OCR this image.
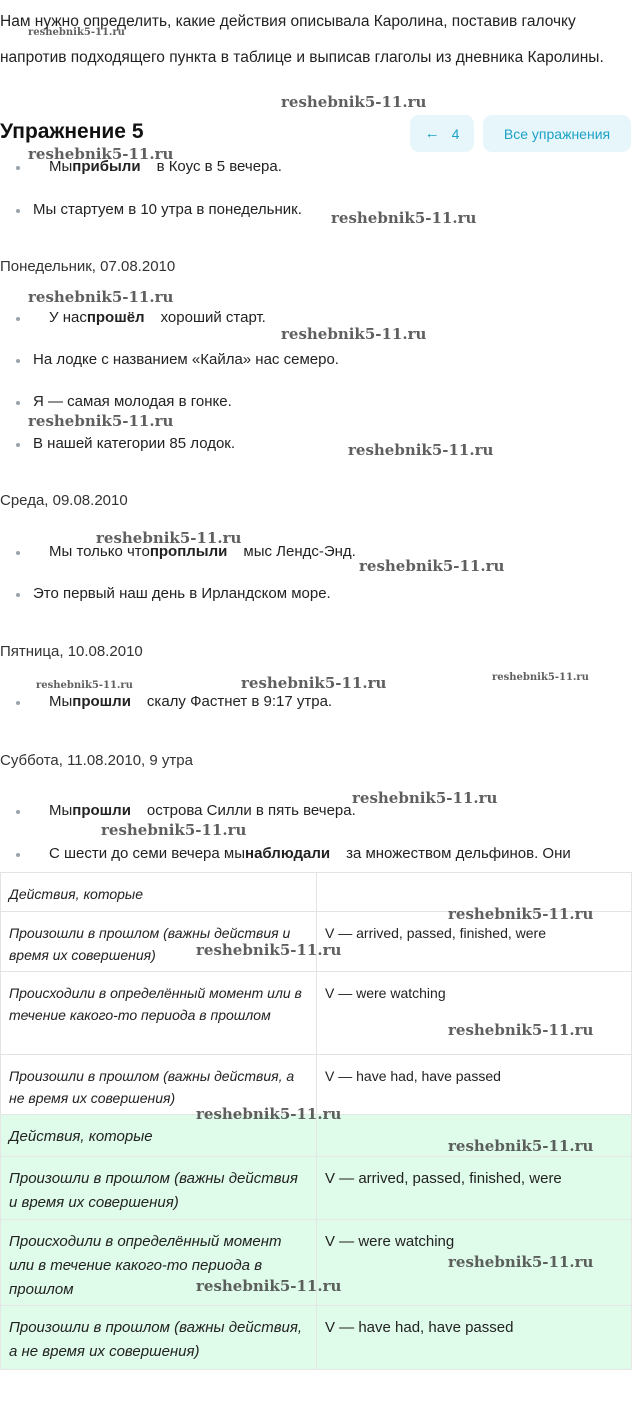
Нам нужно определить, какие действия описывала Каролина, поставив галочку напротив подходящего пункта в таблице и выписав глаголы из дневника Каролины.
Упражнение 5	← 4	Все упражнения
Мыприбылив Коус в 5 вечера.
Мы стартуем в 10 утра в понедельник.
Понедельник, 07.08.2010
У наспрошёлхороший старт.
На лодке с названием «Кайла» нас семеро.
Я — самая молодая в гонке.
В нашей категории 85 лодок.
Среда, 09.08.2010
Мы только чтопроплылимыс Лендс-Энд.
Это первый наш день в Ирландском море.
Пятница, 10.08.2010
Мыпрошлискалу Фастнет в 9:17 утра.
Суббота, 11.08.2010, 9 утра
Мыпрошлиострова Силли в пять вечера.
С шести до семи вечера мынаблюдализа множеством дельфинов. Они
Действия, которые	
Произошли в прошлом (важны действия и время их совершения)	V — arrived, passed, finished, were
Происходили в определённый момент или в течение какого-то периода в прошлом	V — were watching
Произошли в прошлом (важны действия, а не время их совершения)	V — have had, have passed
Действия, которые	
Произошли в прошлом (важны действия и время их совершения)	V — arrived, passed, finished, were
Происходили в определённый момент или в течение какого-то периода в прошлом	V — were watching
Произошли в прошлом (важны действия, а не время их совершения)	V — have had, have passed
reshebnik5-11.ru
reshebnik5-11.ru
reshebnik5-11.ru
reshebnik5-11.ru
reshebnik5-11.ru
reshebnik5-11.ru
reshebnik5-11.ru
reshebnik5-11.ru
reshebnik5-11.ru
reshebnik5-11.ru
reshebnik5-11.ru	reshebnik5-11.ru	reshebnik5-11.ru
reshebnik5-11.ru
reshebnik5-11.ru
reshebnik5-11.ru
reshebnik5-11.ru
reshebnik5-11.ru
reshebnik5-11.ru
reshebnik5-11.ru
reshebnik5-11.ru
reshebnik5-11.ru
